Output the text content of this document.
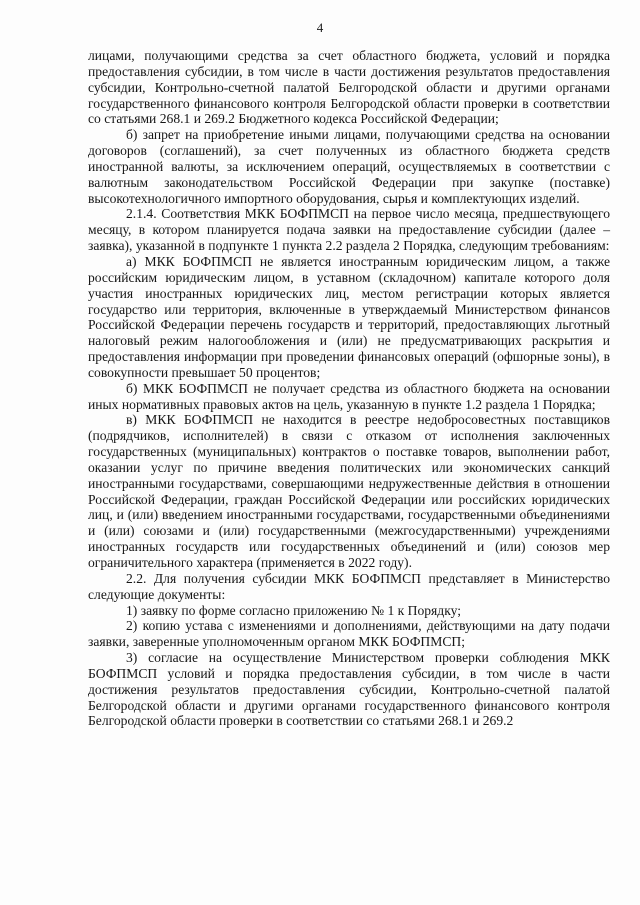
4

лицами, получающими средства за счет областного бюджета, условий и порядка предоставления субсидии, в том числе в части достижения результатов предоставления субсидии, Контрольно-счетной палатой Белгородской области и другими органами государственного финансового контроля Белгородской области проверки в соответствии со статьями 268.1 и 269.2 Бюджетного кодекса Российской Федерации;

б) запрет на приобретение иными лицами, получающими средства на основании договоров (соглашений), за счет полученных из областного бюджета средств иностранной валюты, за исключением операций, осуществляемых в соответствии с валютным законодательством Российской Федерации при закупке (поставке) высокотехнологичного импортного оборудования, сырья и комплектующих изделий.

2.1.4. Соответствия МКК БОФПМСП на первое число месяца, предшествующего месяцу, в котором планируется подача заявки на предоставление субсидии (далее – заявка), указанной в подпункте 1 пункта 2.2 раздела 2 Порядка, следующим требованиям:

а) МКК БОФПМСП не является иностранным юридическим лицом, а также российским юридическим лицом, в уставном (складочном) капитале которого доля участия иностранных юридических лиц, местом регистрации которых является государство или территория, включенные в утверждаемый Министерством финансов Российской Федерации перечень государств и территорий, предоставляющих льготный налоговый режим налогообложения и (или) не предусматривающих раскрытия и предоставления информации при проведении финансовых операций (офшорные зоны), в совокупности превышает 50 процентов;

б) МКК БОФПМСП не получает средства из областного бюджета на основании иных нормативных правовых актов на цель, указанную в пункте 1.2 раздела 1 Порядка;

в) МКК БОФПМСП не находится в реестре недобросовестных поставщиков (подрядчиков, исполнителей) в связи с отказом от исполнения заключенных государственных (муниципальных) контрактов о поставке товаров, выполнении работ, оказании услуг по причине введения политических или экономических санкций иностранными государствами, совершающими недружественные действия в отношении Российской Федерации, граждан Российской Федерации или российских юридических лиц, и (или) введением иностранными государствами, государственными объединениями и (или) союзами и (или) государственными (межгосударственными) учреждениями иностранных государств или государственных объединений и (или) союзов мер ограничительного характера (применяется в 2022 году).

2.2. Для получения субсидии МКК БОФПМСП представляет в Министерство следующие документы:

1) заявку по форме согласно приложению № 1 к Порядку;

2) копию устава с изменениями и дополнениями, действующими на дату подачи заявки, заверенные уполномоченным органом МКК БОФПМСП;

3) согласие на осуществление Министерством проверки соблюдения МКК БОФПМСП условий и порядка предоставления субсидии, в том числе в части достижения результатов предоставления субсидии, Контрольно-счетной палатой Белгородской области и другими органами государственного финансового контроля Белгородской области проверки в соответствии со статьями 268.1 и 269.2
